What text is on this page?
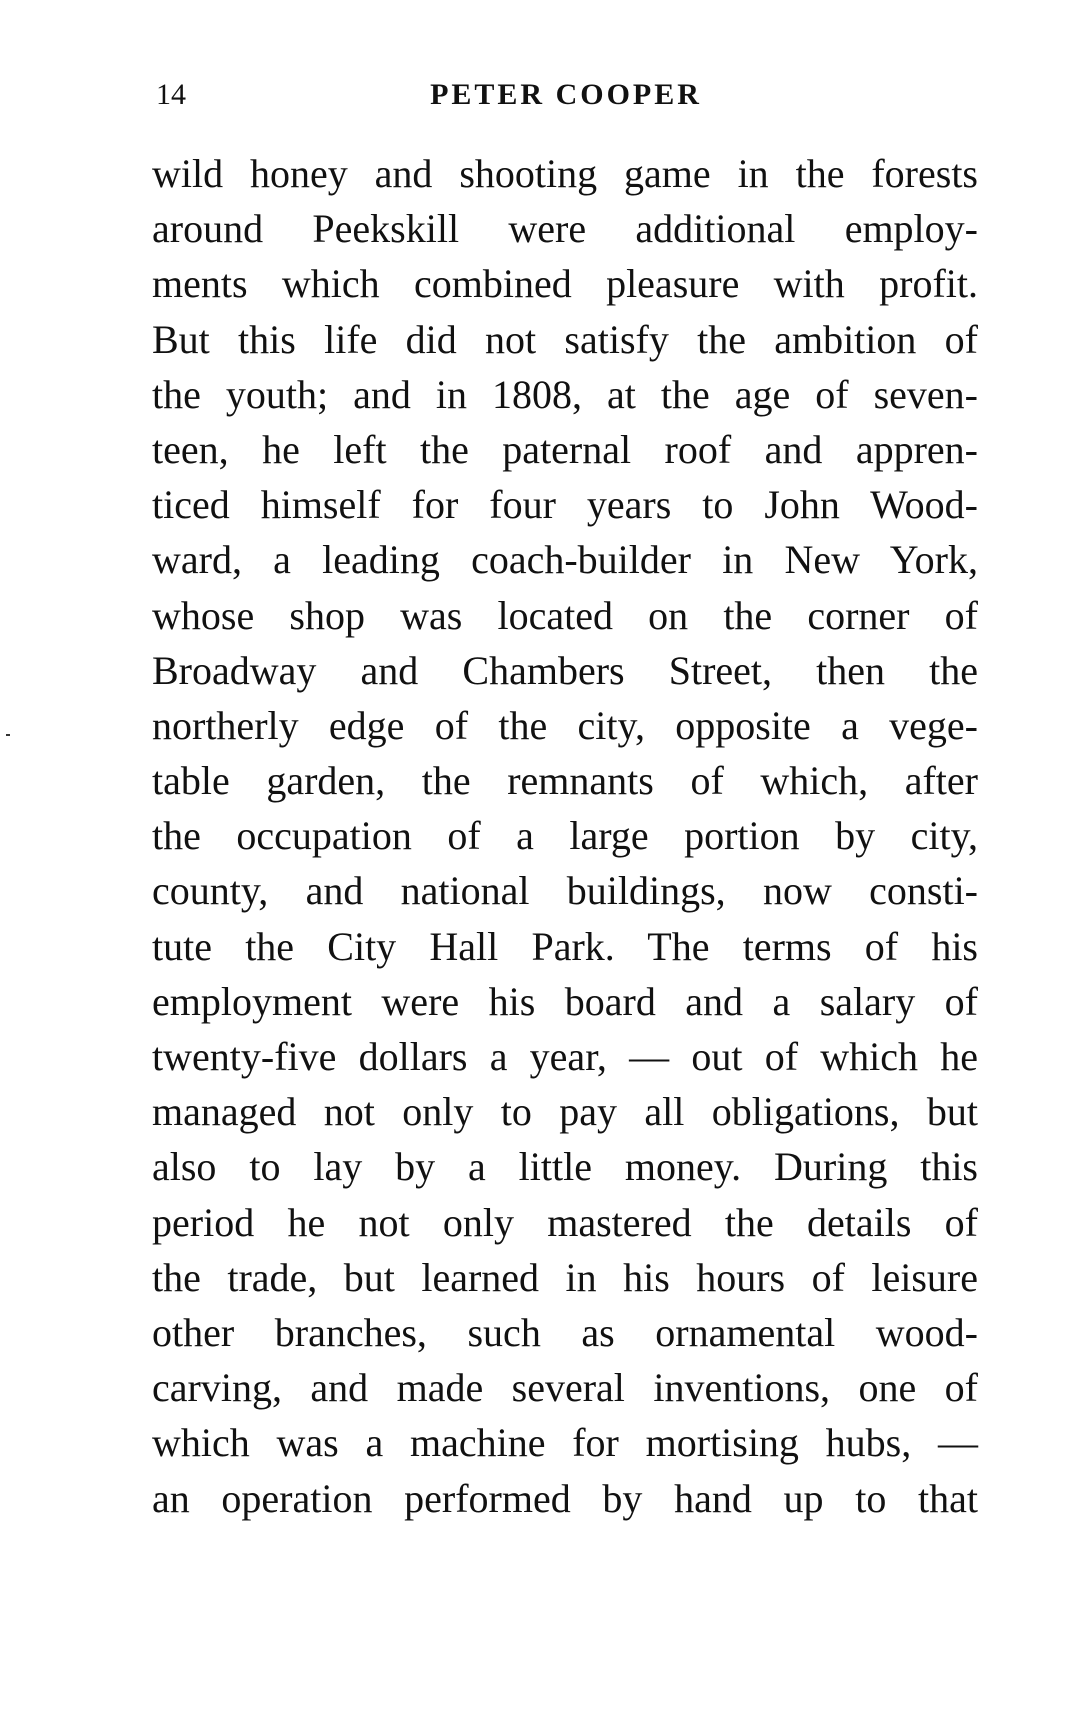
14	PETER COOPER
wild honey and shooting game in the forests
around Peekskill were additional employ-
ments which combined pleasure with profit.
But this life did not satisfy the ambition of
the youth; and in 1808, at the age of seven-
teen, he left the paternal roof and appren-
ticed himself for four years to John Wood-
ward, a leading coach-builder in New York,
whose shop was located on the corner of
Broadway and Chambers Street, then the
northerly edge of the city, opposite a vege-
table garden, the remnants of which, after
the occupation of a large portion by city,
county, and national buildings, now consti-
tute the City Hall Park. The terms of his
employment were his board and a salary of
twenty-five dollars a year, — out of which he
managed not only to pay all obligations, but
also to lay by a little money. During this
period he not only mastered the details of
the trade, but learned in his hours of leisure
other branches, such as ornamental wood-
carving, and made several inventions, one of
which was a machine for mortising hubs, —
an operation performed by hand up to that
